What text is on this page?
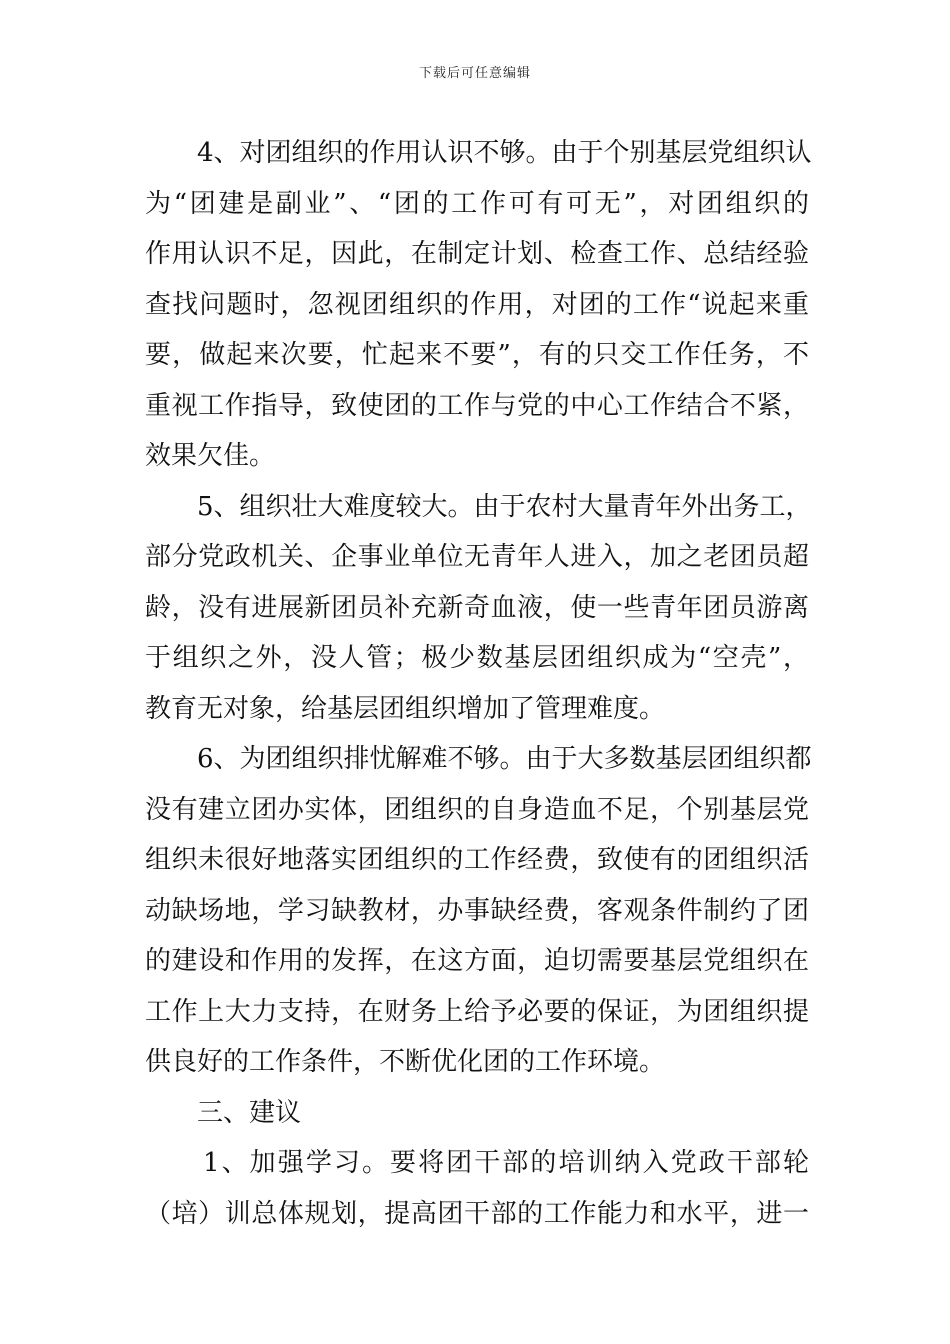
下载后可任意编辑
4、对团组织的作用认识不够。由于个别基层党组织认
为“团建是副业”、“团的工作可有可无”，对团组织的
作用认识不足，因此，在制定计划、检查工作、总结经验
查找问题时，忽视团组织的作用，对团的工作“说起来重
要，做起来次要，忙起来不要”，有的只交工作任务，不
重视工作指导，致使团的工作与党的中心工作结合不紧，
效果欠佳。
5、组织壮大难度较大。由于农村大量青年外出务工，
部分党政机关、企事业单位无青年人进入，加之老团员超
龄，没有进展新团员补充新奇血液，使一些青年团员游离
于组织之外，没人管；极少数基层团组织成为“空壳”，
教育无对象，给基层团组织增加了管理难度。
6、为团组织排忧解难不够。由于大多数基层团组织都
没有建立团办实体，团组织的自身造血不足，个别基层党
组织未很好地落实团组织的工作经费，致使有的团组织活
动缺场地，学习缺教材，办事缺经费，客观条件制约了团
的建设和作用的发挥，在这方面，迫切需要基层党组织在
工作上大力支持，在财务上给予必要的保证，为团组织提
供良好的工作条件，不断优化团的工作环境。
三、建议
1、加强学习。要将团干部的培训纳入党政干部轮
（培）训总体规划，提高团干部的工作能力和水平，进一
